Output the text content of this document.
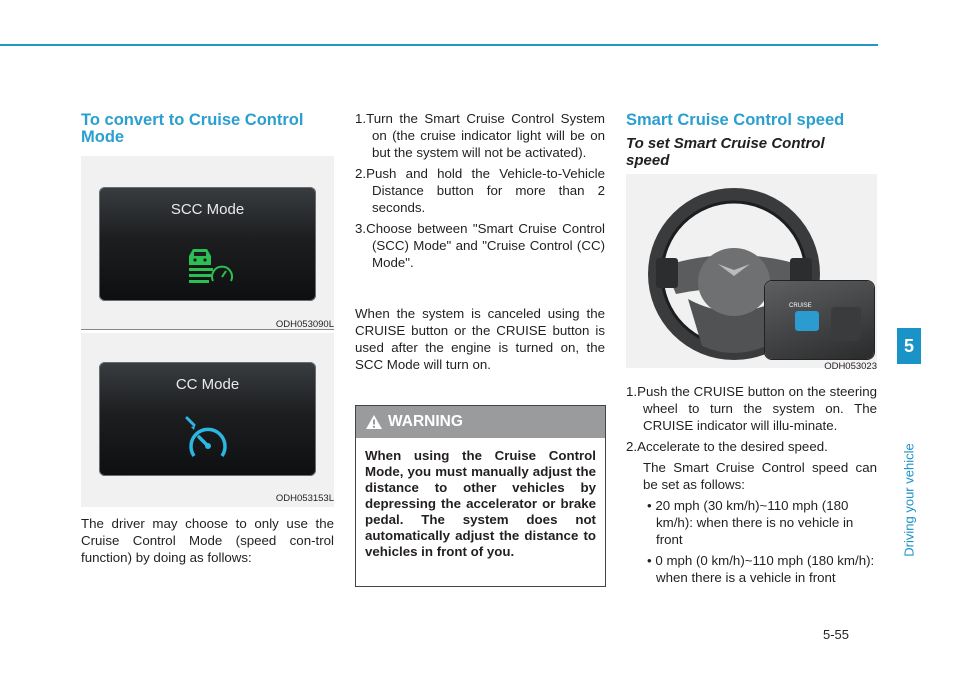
5
Driving your vehicle
To convert to Cruise Control Mode
SCC Mode
ODH053090L
CC Mode
ODH053153L

The driver may choose to only use the Cruise Control Mode (speed con-trol function) by doing as follows:

1.Turn the Smart Cruise Control System on (the cruise indicator light will be on but the system will not be activated).
2.Push and hold the Vehicle-to-Vehicle Distance button for more than 2 seconds.
3.Choose between "Smart Cruise Control (SCC) Mode" and "Cruise Control (CC) Mode".

When the system is canceled using the CRUISE button or the CRUISE button is used after the engine is turned on, the SCC Mode will turn on.

WARNING

When using the Cruise Control Mode, you must manually adjust the distance to other vehicles by depressing the accelerator or brake pedal. The system does not automatically adjust the distance to vehicles in front of you.

Smart Cruise Control speed
To set Smart Cruise Control speed
CRUISE
ODH053023
1.Push the CRUISE button on the steering wheel to turn the system on. The CRUISE indicator will illu-minate.
2.Accelerate to the desired speed.

The Smart Cruise Control speed can be set as follows:

• 20 mph (30 km/h)~110 mph (180 km/h): when there is no vehicle in front
• 0 mph (0 km/h)~110 mph (180 km/h): when there is a vehicle in front
5-55
